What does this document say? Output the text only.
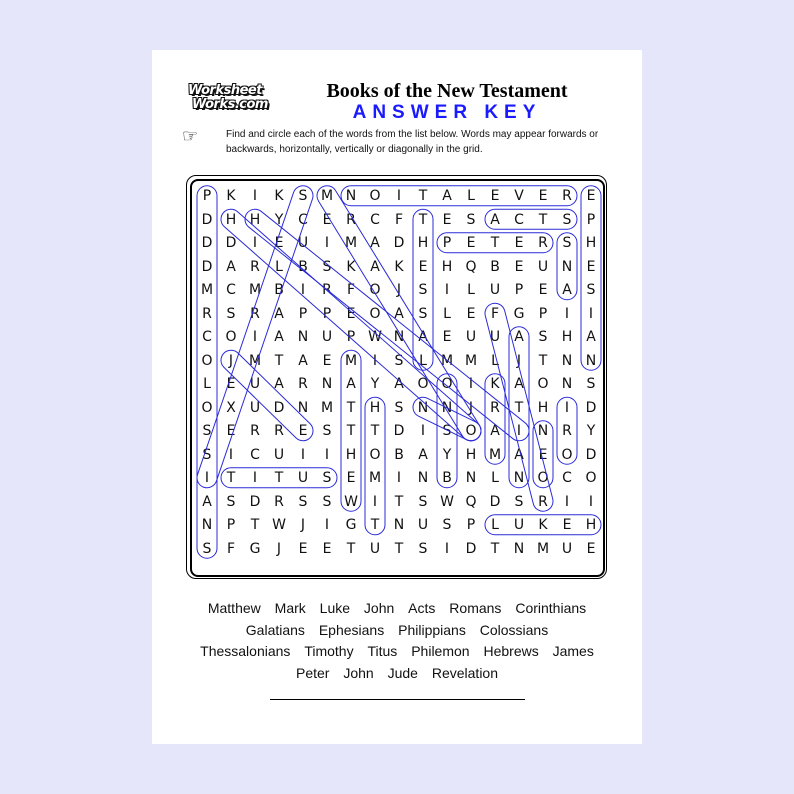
Worksheet
Works.com
Books of the New Testament
ANSWER KEY
☞	Find and circle each of the words from the list below. Words may appear forwards or backwards, horizontally, vertically or diagonally in the grid.
P	K	I	K	S M N O	I	T	A	L	E	V	E	R	E
D H H	Y	C	E	R	C	F	T	E	S	A	C	T	S	P
D D	I	E	U	I	M A D H	P	E	T	E	R	S	H
D A	R	L	B	S	K	A	K	E	H Q B	E	U N	E
M C M B	I	R	F	O	J	S	I	L	U	P	E	A	S
R	S	R	A	P	P	E	O A	S	L	E	F	G	P	I	I
C O	I	A N U	P W N A	E	U U	A	S	H A
O	J	M T	A	E M	I	S	L	M M	L	J	T	N N
L	E	U	A	R N A	Y	A O O	I	K	A O N	S
O X	U D N M T	H	S	N N	J	R	T	H	I	D
S	E	R	R	E	S	T	T	D	I	S	O A	I	N R	Y
S	I	C U	I	I	H O B	A	Y	H M A	E	O D
I	T	I	T	U	S	E M	I	N B N	L	N O C O
A	S	D R	S	S W	I	T	S W Q D	S	R	I	I
N	P	T W	J	I	G	T	N U	S	P	L	U	K	E	H
S	F	G	J	E	E	T	U	T	S	I	D	T	N M U	E
Matthew Mark Luke John Acts Romans Corinthians
Galatians Ephesians Philippians Colossians
Thessalonians Timothy Titus Philemon Hebrews James
Peter John Jude Revelation
